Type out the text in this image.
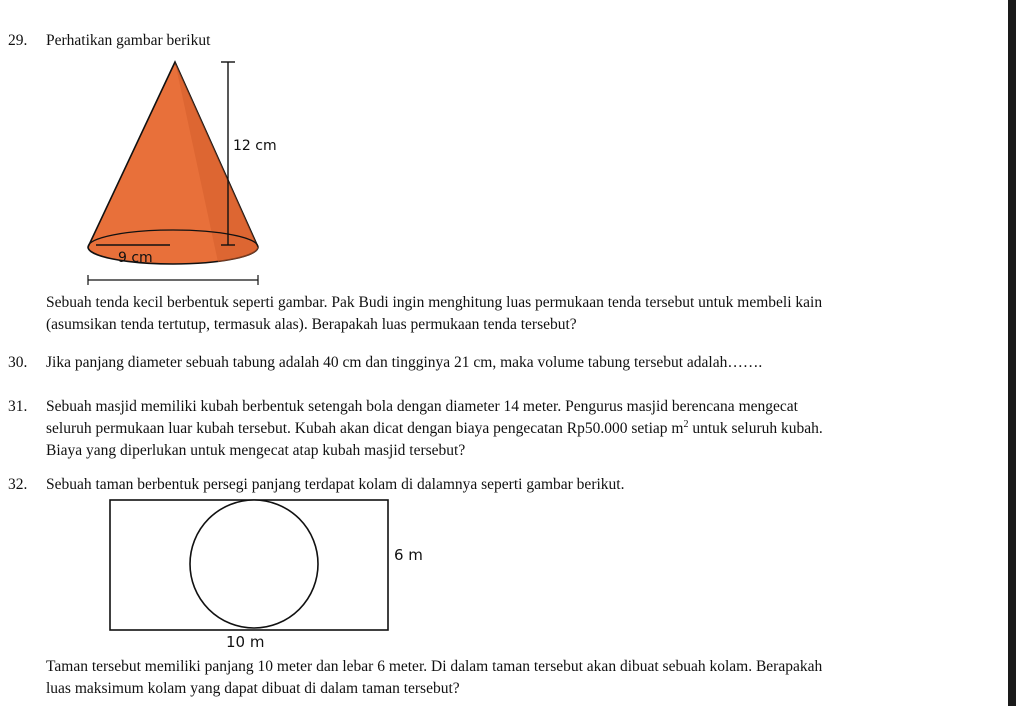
29. Perhatikan gambar berikut
12 cm
9 cm
Sebuah tenda kecil berbentuk seperti gambar. Pak Budi ingin menghitung luas permukaan tenda tersebut untuk membeli kain
(asumsikan tenda tertutup, termasuk alas). Berapakah luas permukaan tenda tersebut?
30. Jika panjang diameter sebuah tabung adalah 40 cm dan tingginya 21 cm, maka volume tabung tersebut adalah…….
31. Sebuah masjid memiliki kubah berbentuk setengah bola dengan diameter 14 meter. Pengurus masjid berencana mengecat
seluruh permukaan luar kubah tersebut. Kubah akan dicat dengan biaya pengecatan Rp50.000 setiap $m^2$ untuk seluruh kubah.
Biaya yang diperlukan untuk mengecat atap kubah masjid tersebut?
32. Sebuah taman berbentuk persegi panjang terdapat kolam di dalamnya seperti gambar berikut.
6 m
10 m
Taman tersebut memiliki panjang 10 meter dan lebar 6 meter. Di dalam taman tersebut akan dibuat sebuah kolam. Berapakah
luas maksimum kolam yang dapat dibuat di dalam taman tersebut?
